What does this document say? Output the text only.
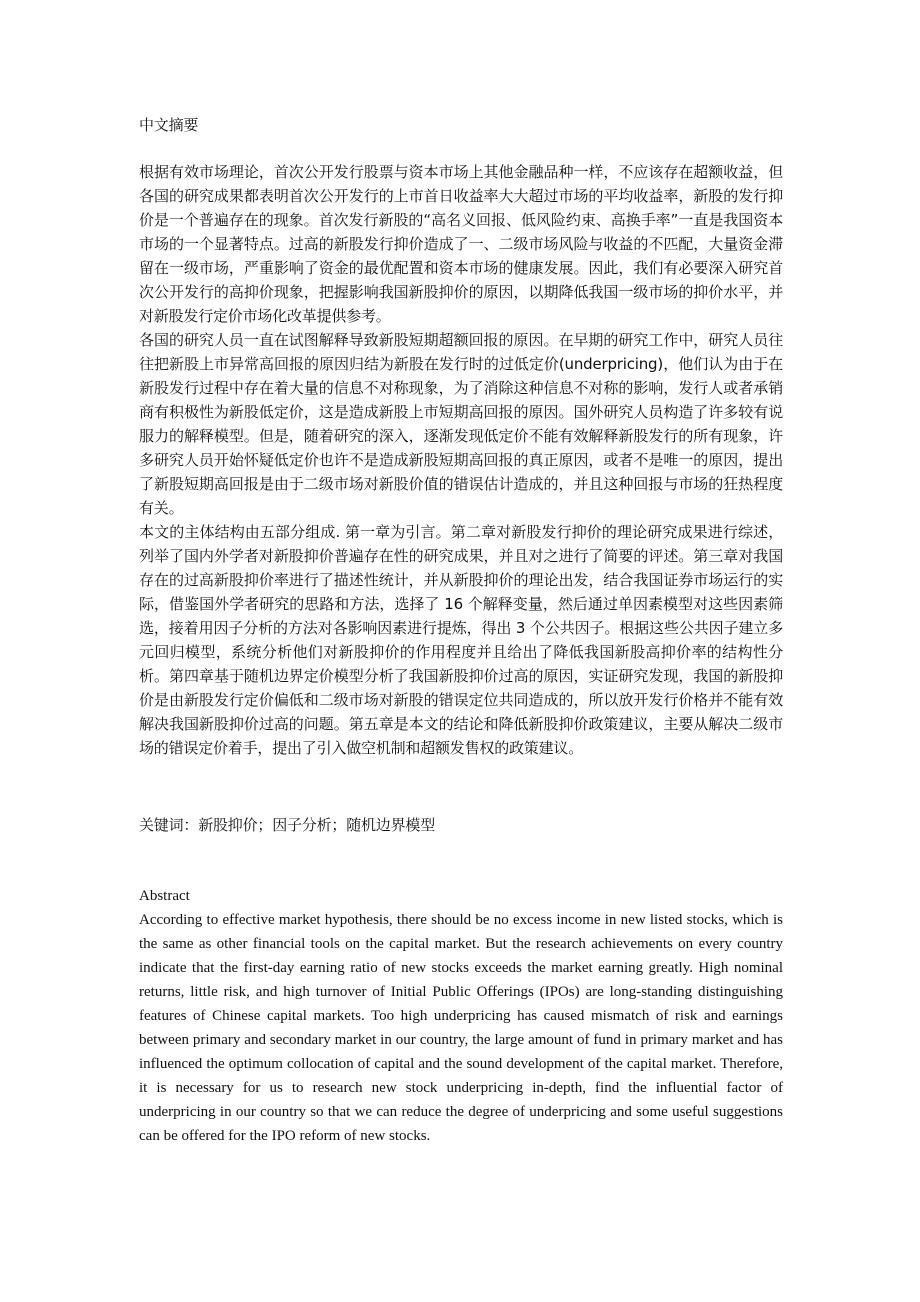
中文摘要

根据有效市场理论，首次公开发行股票与资本市场上其他金融品种一样，不应该存在超额收益，但各国的研究成果都表明首次公开发行的上市首日收益率大大超过市场的平均收益率，新股的发行抑价是一个普遍存在的现象。首次发行新股的“高名义回报、低风险约束、高换手率”一直是我国资本市场的一个显著特点。过高的新股发行抑价造成了一、二级市场风险与收益的不匹配，大量资金滞留在一级市场，严重影响了资金的最优配置和资本市场的健康发展。因此，我们有必要深入研究首次公开发行的高抑价现象，把握影响我国新股抑价的原因，以期降低我国一级市场的抑价水平，并对新股发行定价市场化改革提供参考。

各国的研究人员一直在试图解释导致新股短期超额回报的原因。在早期的研究工作中，研究人员往往把新股上市异常高回报的原因归结为新股在发行时的过低定价(underpricing)，他们认为由于在新股发行过程中存在着大量的信息不对称现象，为了消除这种信息不对称的影响，发行人或者承销商有积极性为新股低定价，这是造成新股上市短期高回报的原因。国外研究人员构造了许多较有说服力的解释模型。但是，随着研究的深入，逐渐发现低定价不能有效解释新股发行的所有现象，许多研究人员开始怀疑低定价也许不是造成新股短期高回报的真正原因，或者不是唯一的原因，提出了新股短期高回报是由于二级市场对新股价值的错误估计造成的，并且这种回报与市场的狂热程度有关。

本文的主体结构由五部分组成. 第一章为引言。第二章对新股发行抑价的理论研究成果进行综述，列举了国内外学者对新股抑价普遍存在性的研究成果，并且对之进行了简要的评述。第三章对我国存在的过高新股抑价率进行了描述性统计，并从新股抑价的理论出发，结合我国证券市场运行的实际，借鉴国外学者研究的思路和方法，选择了 16 个解释变量，然后通过单因素模型对这些因素筛选，接着用因子分析的方法对各影响因素进行提炼，得出 3 个公共因子。根据这些公共因子建立多元回归模型，系统分析他们对新股抑价的作用程度并且给出了降低我国新股高抑价率的结构性分析。第四章基于随机边界定价模型分析了我国新股抑价过高的原因，实证研究发现，我国的新股抑价是由新股发行定价偏低和二级市场对新股的错误定位共同造成的，所以放开发行价格并不能有效解决我国新股抑价过高的问题。第五章是本文的结论和降低新股抑价政策建议，主要从解决二级市场的错误定价着手，提出了引入做空机制和超额发售权的政策建议。

关键词：新股抑价；因子分析；随机边界模型
Abstract

According to effective market hypothesis, there should be no excess income in new listed stocks, which is the same as other financial tools on the capital market. But the research achievements on every country indicate that the first-day earning ratio of new stocks exceeds the market earning greatly. High nominal returns, little risk, and high turnover of Initial Public Offerings (IPOs) are long-standing distinguishing features of Chinese capital markets. Too high underpricing has caused mismatch of risk and earnings between primary and secondary market in our country, the large amount of fund in primary market and has influenced the optimum collocation of capital and the sound development of the capital market. Therefore, it is necessary for us to research new stock underpricing in-depth, find the influential factor of underpricing in our country so that we can reduce the degree of underpricing and some useful suggestions can be offered for the IPO reform of new stocks.
